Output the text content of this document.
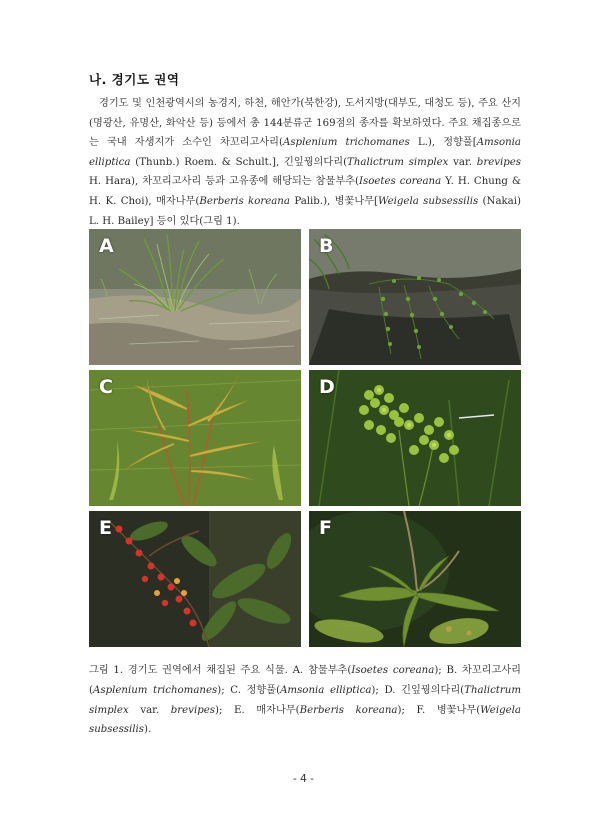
나. 경기도 권역

경기도 및 인천광역시의 농경지, 하천, 해안가(북한강), 도서지방(대부도, 대청도 등), 주요 산지(명광산, 유명산, 화악산 등) 등에서 총 144분류군 169점의 종자를 확보하였다. 주요 채집종으로는 국내 자생지가 소수인 차꼬리고사리(Asplenium trichomanes L.), 정향풀[Amsonia elliptica (Thunb.) Roem. & Schult.], 긴잎꿩의다리(Thalictrum simplex var. brevipes H. Hara), 차꼬리고사리 등과 고유종에 해당되는 참물부추(Isoetes coreana Y. H. Chung & H. K. Choi), 매자나무(Berberis koreana Palib.), 병꽃나무[Weigela subsessilis (Nakai) L. H. Bailey] 등이 있다(그림 1).

A	B
C	D
E	F
그림 1. 경기도 권역에서 채집된 주요 식물. A. 참물부추(Isoetes coreana); B. 차꼬리고사리(Asplenium trichomanes); C. 정향풀(Amsonia elliptica); D. 긴잎꿩의다리(Thalictrum simplex var. brevipes); E. 매자나무(Berberis koreana); F. 병꽃나무(Weigela subsessilis).
- 4 -
